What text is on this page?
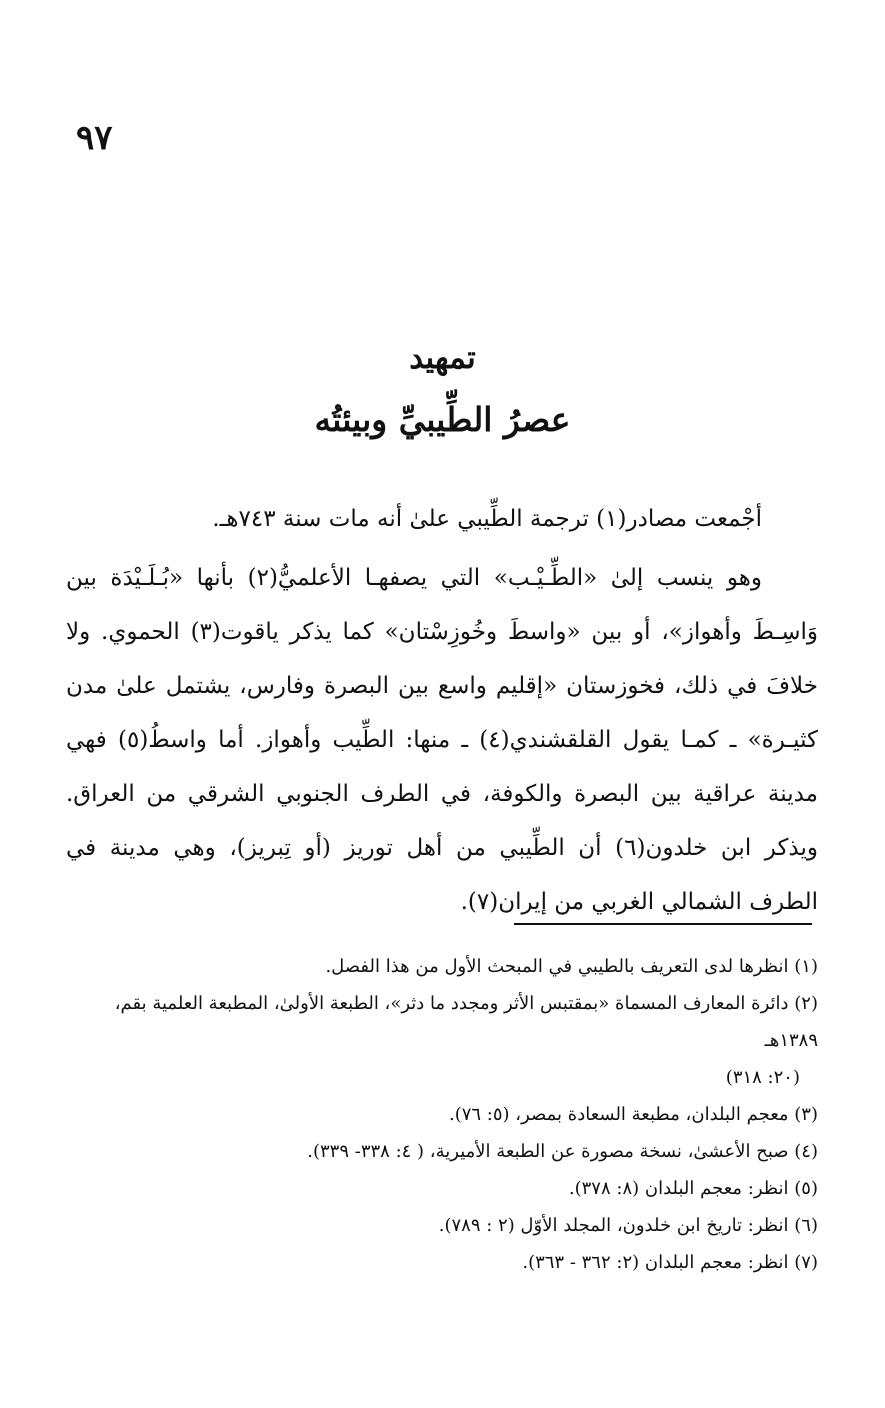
٩٧
تمهيد
عصرُ الطِّيبيِّ وبيئتُه

أجْمعت مصادر(١) ترجمة الطِّيبي علىٰ أنه مات سنة ٧٤٣هـ.

وهو ينسب إلىٰ «الطِّـيْـب» التي يصفهـا الأعلميُّ(٢) بأنها «بُـلَـيْدَة بين وَاسِـطَ وأهواز»، أو بين «واسطَ وخُوزِسْتان» كما يذكر ياقوت(٣) الحموي. ولا خلافَ في ذلك، فخوزستان «إقليم واسع بين البصرة وفارس، يشتمل علىٰ مدن كثيـرة» ـ كمـا يقول القلقشندي(٤) ـ منها: الطِّيب وأهواز. أما واسطُ(٥) فهي مدينة عراقية بين البصرة والكوفة، في الطرف الجنوبي الشرقي من العراق. ويذكر ابن خلدون(٦) أن الطِّيبي من أهل توريز (أو تِبريز)، وهي مدينة في الطرف الشمالي الغربي من إيران(٧).

(١) انظرها لدى التعريف بالطيبي في المبحث الأول من هذا الفصل.
(٢) دائرة المعارف المسماة «بمقتبس الأثر ومجدد ما دثر»، الطبعة الأولىٰ، المطبعة العلمية بقم، ١٣٨٩هـ
(٢٠: ٣١٨)
(٣) معجم البلدان، مطبعة السعادة بمصر، (٥: ٧٦).
(٤) صبح الأعشىٰ، نسخة مصورة عن الطبعة الأميرية، ( ٤: ٣٣٨- ٣٣٩).
(٥) انظر: معجم البلدان (٨: ٣٧٨).
(٦) انظر: تاريخ ابن خلدون، المجلد الأوّل (٢ : ٧٨٩).
(٧) انظر: معجم البلدان (٢: ٣٦٢ - ٣٦٣).
